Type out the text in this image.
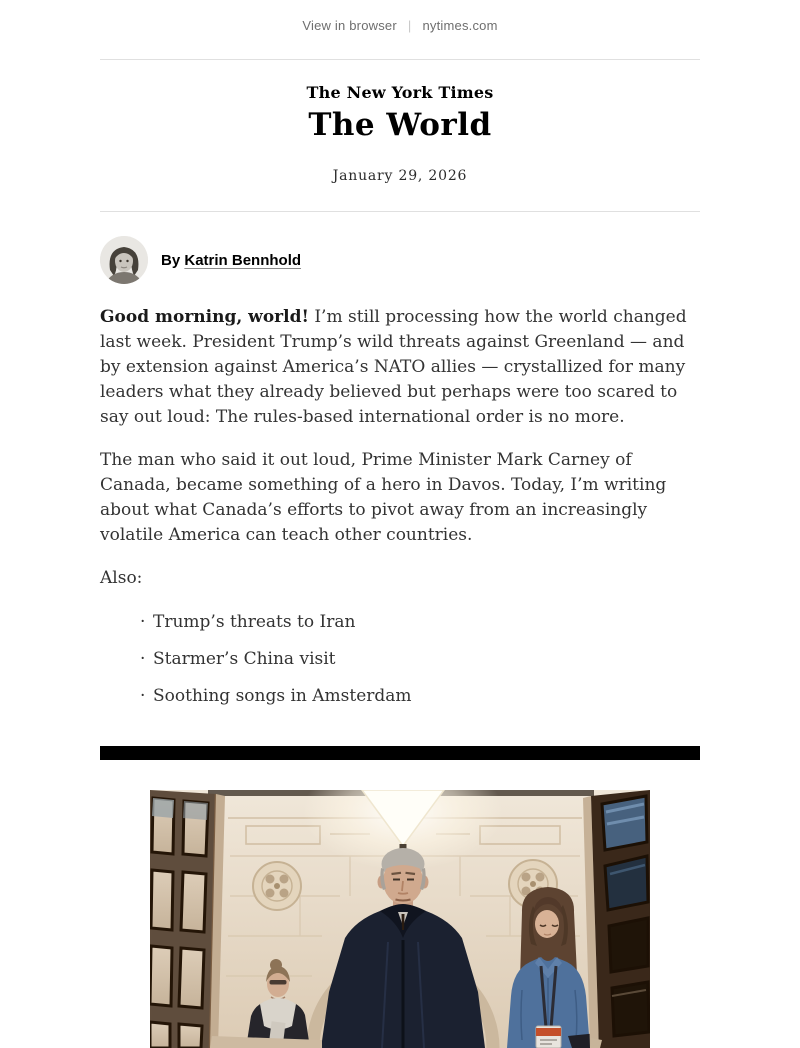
View in browser | nytimes.com
The New York Times
The World
January 29, 2026
By Katrin Bennhold

Good morning, world! I’m still processing how the world changed last week. President Trump’s wild threats against Greenland — and by extension against America’s NATO allies — crystallized for many leaders what they already believed but perhaps were too scared to say out loud: The rules-based international order is no more.

The man who said it out loud, Prime Minister Mark Carney of Canada, became something of a hero in Davos. Today, I’m writing about what Canada’s efforts to pivot away from an increasingly volatile America can teach other countries.

Also:

· Trump’s threats to Iran
· Starmer’s China visit
· Soothing songs in Amsterdam
